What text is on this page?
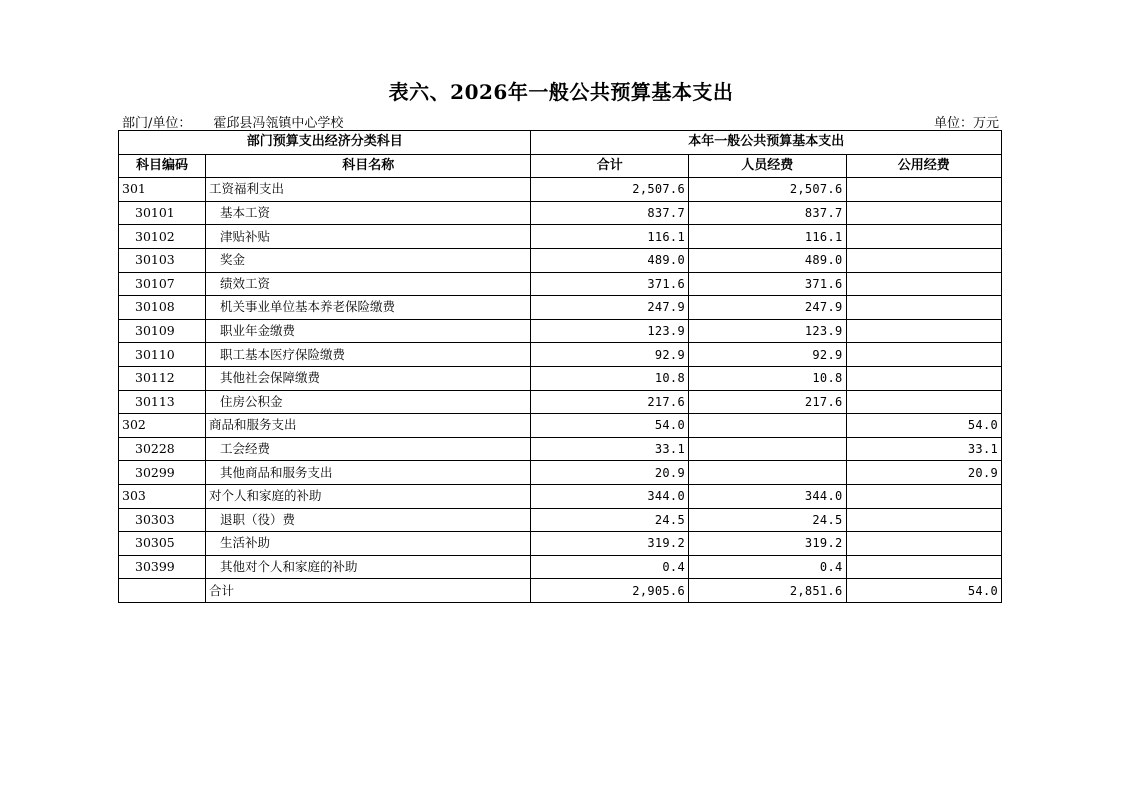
表六、2026年一般公共预算基本支出
部门/单位： 霍邱县冯瓴镇中心学校	单位：万元
部门预算支出经济分类科目		本年一般公共预算基本支出		
科目编码	科目名称	合计	人员经费	公用经费
301	工资福利支出	2,507.6	2,507.6	
30101	基本工资	837.7	837.7	
30102	津贴补贴	116.1	116.1	
30103	奖金	489.0	489.0	
30107	绩效工资	371.6	371.6	
30108	机关事业单位基本养老保险缴费	247.9	247.9	
30109	职业年金缴费	123.9	123.9	
30110	职工基本医疗保险缴费	92.9	92.9	
30112	其他社会保障缴费	10.8	10.8	
30113	住房公积金	217.6	217.6	
302	商品和服务支出	54.0		54.0
30228	工会经费	33.1		33.1
30299	其他商品和服务支出	20.9		20.9
303	对个人和家庭的补助	344.0	344.0	
30303	退职（役）费	24.5	24.5	
30305	生活补助	319.2	319.2	
30399	其他对个人和家庭的补助	0.4	0.4	
	合计	2,905.6	2,851.6	54.0
